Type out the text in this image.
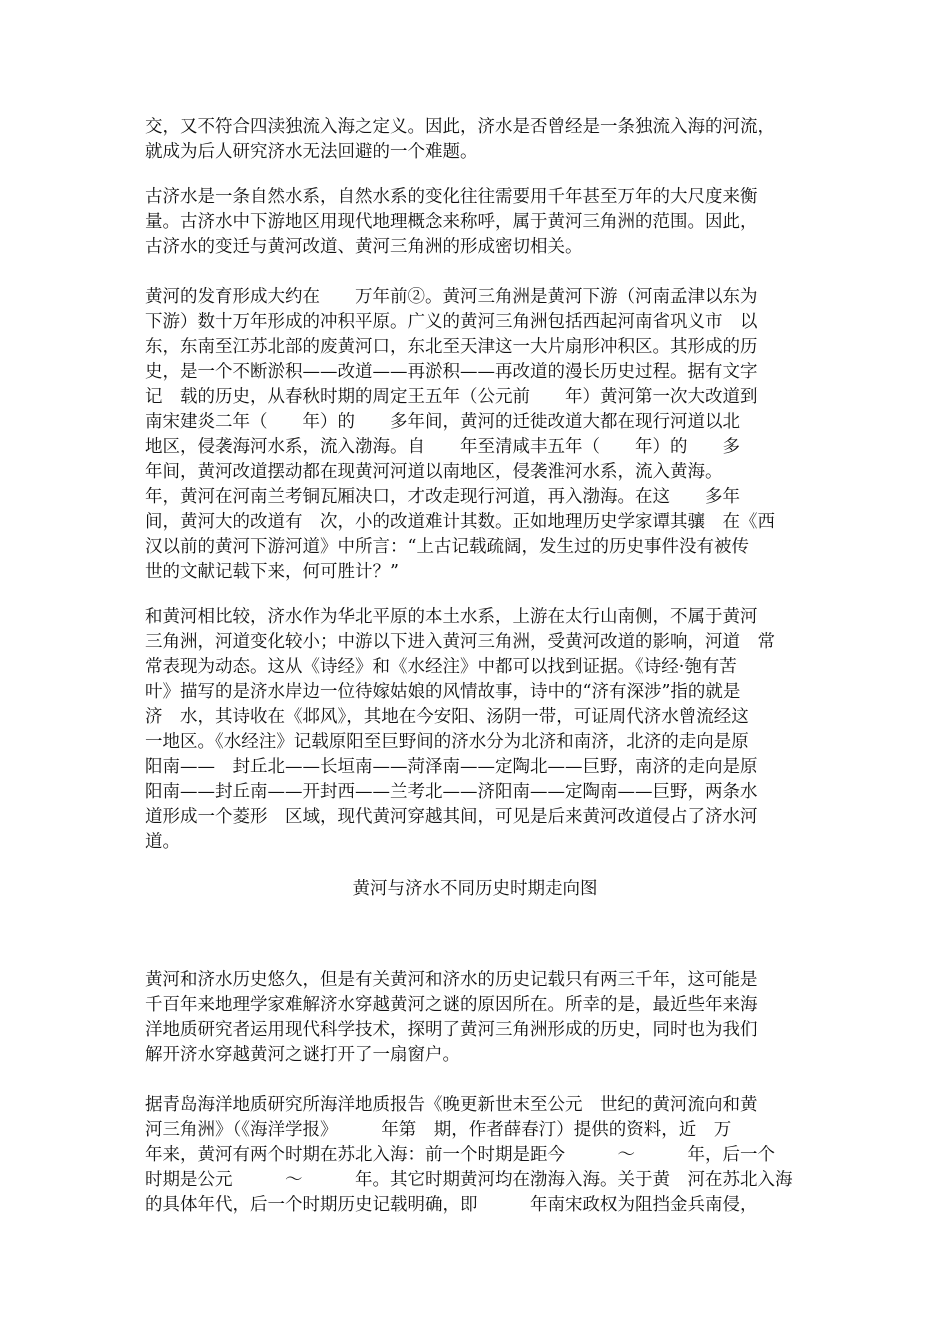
交，又不符合四渎独流入海之定义。因此，济水是否曾经是一条独流入海的河流，
就成为后人研究济水无法回避的一个难题。
古济水是一条自然水系，自然水系的变化往往需要用千年甚至万年的大尺度来衡
量。古济水中下游地区用现代地理概念来称呼，属于黄河三角洲的范围。因此，
古济水的变迁与黄河改道、黄河三角洲的形成密切相关。
黄河的发育形成大约在　　万年前②。黄河三角洲是黄河下游（河南孟津以东为
下游）数十万年形成的冲积平原。广义的黄河三角洲包括西起河南省巩义市　以
东，东南至江苏北部的废黄河口，东北至天津这一大片扇形冲积区。其形成的历
史，是一个不断淤积——改道——再淤积——再改道的漫长历史过程。据有文字
记　载的历史，从春秋时期的周定王五年（公元前　　年）黄河第一次大改道到
南宋建炎二年（　　年）的　　多年间，黄河的迁徙改道大都在现行河道以北
地区，侵袭海河水系，流入渤海。自　　年至清咸丰五年（　　年）的　　多
年间，黄河改道摆动都在现黄河河道以南地区，侵袭淮河水系，流入黄海。
年，黄河在河南兰考铜瓦厢决口，才改走现行河道，再入渤海。在这　　多年
间，黄河大的改道有　次，小的改道难计其数。正如地理历史学家谭其骧　在《西
汉以前的黄河下游河道》中所言：“上古记载疏阔，发生过的历史事件没有被传
世的文献记载下来，何可胜计？”
和黄河相比较，济水作为华北平原的本土水系，上游在太行山南侧，不属于黄河
三角洲，河道变化较小；中游以下进入黄河三角洲，受黄河改道的影响，河道　常
常表现为动态。这从《诗经》和《水经注》中都可以找到证据。《诗经·匏有苦
叶》描写的是济水岸边一位待嫁姑娘的风情故事，诗中的“济有深涉”指的就是
济　水，其诗收在《邶风》，其地在今安阳、汤阴一带，可证周代济水曾流经这
一地区。《水经注》记载原阳至巨野间的济水分为北济和南济，北济的走向是原
阳南——　封丘北——长垣南——菏泽南——定陶北——巨野，南济的走向是原
阳南——封丘南——开封西——兰考北——济阳南——定陶南——巨野，两条水
道形成一个菱形　区域，现代黄河穿越其间，可见是后来黄河改道侵占了济水河
道。
黄河与济水不同历史时期走向图
黄河和济水历史悠久，但是有关黄河和济水的历史记载只有两三千年，这可能是
千百年来地理学家难解济水穿越黄河之谜的原因所在。所幸的是，最近些年来海
洋地质研究者运用现代科学技术，探明了黄河三角洲形成的历史，同时也为我们
解开济水穿越黄河之谜打开了一扇窗户。
据青岛海洋地质研究所海洋地质报告《晚更新世末至公元　世纪的黄河流向和黄
河三角洲》（《海洋学报》　　　年第　期，作者薛春汀）提供的资料，近　万
年来，黄河有两个时期在苏北入海：前一个时期是距今　　　～　　　年，后一个
时期是公元　　　～　　　年。其它时期黄河均在渤海入海。关于黄　河在苏北入海
的具体年代，后一个时期历史记载明确，即　　　年南宋政权为阻挡金兵南侵，
